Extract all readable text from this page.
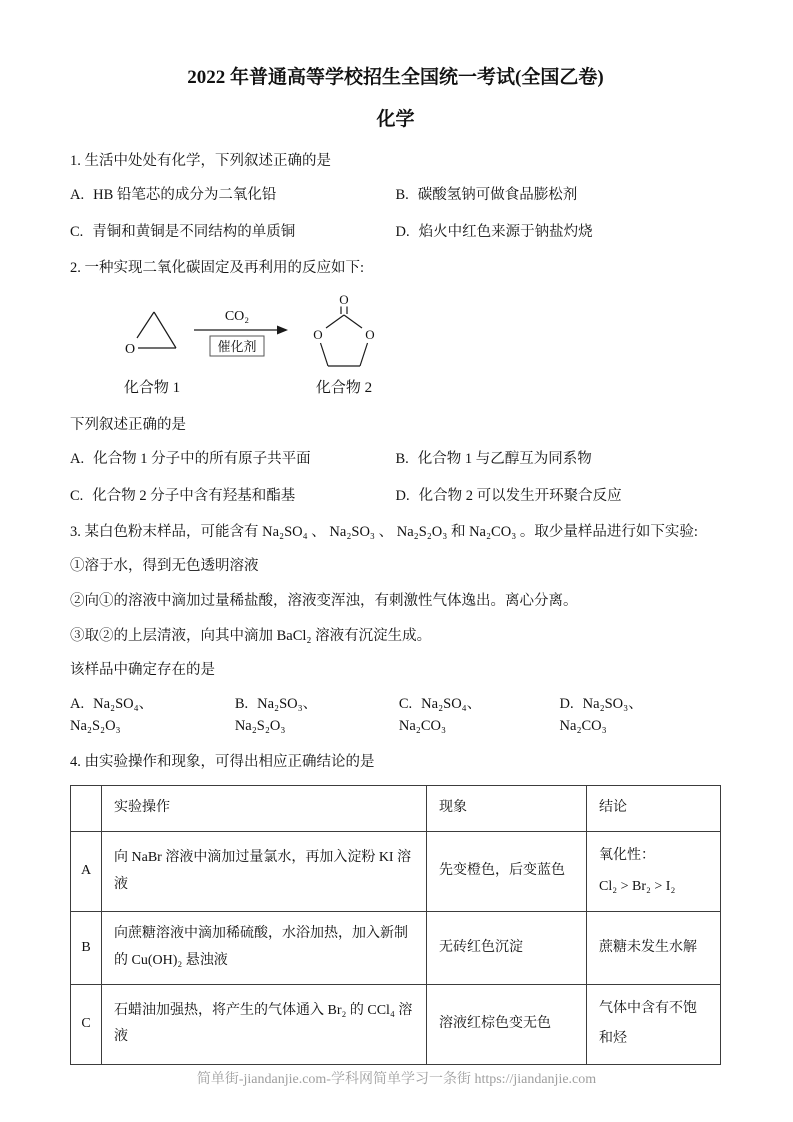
2022 年普通高等学校招生全国统一考试(全国乙卷)
化学

1. 生活中处处有化学，下列叙述正确的是

A. HB 铅笔芯的成分为二氧化铅	B. 碳酸氢钠可做食品膨松剂
C. 青铜和黄铜是不同结构的单质铜	D. 焰火中红色来源于钠盐灼烧

2. 一种实现二氧化碳固定及再利用的反应如下:

O
CO₂
催化剂
O
O
O
化合物 1	化合物 2

下列叙述正确的是

A. 化合物 1 分子中的所有原子共平面	B. 化合物 1 与乙醇互为同系物
C. 化合物 2 分子中含有羟基和酯基	D. 化合物 2 可以发生开环聚合反应

3. 某白色粉末样品，可能含有 Na₂SO₄ 、 Na₂SO₃ 、 Na₂S₂O₃ 和 Na₂CO₃ 。取少量样品进行如下实验:

①溶于水，得到无色透明溶液

②向①的溶液中滴加过量稀盐酸，溶液变浑浊，有刺激性气体逸出。离心分离。

③取②的上层清液，向其中滴加 BaCl₂ 溶液有沉淀生成。

该样品中确定存在的是

A. Na₂SO₄、Na₂S₂O₃
B. Na₂SO₃、Na₂S₂O₃
C. Na₂SO₄、Na₂CO₃
D. Na₂SO₃、Na₂CO₃

4. 由实验操作和现象，可得出相应正确结论的是

	实验操作	现象	结论
A	向 NaBr 溶液中滴加过量氯水，再加入淀粉 KI 溶液	先变橙色，后变蓝色	氧化性：
Cl₂ > Br₂ > I₂
B	向蔗糖溶液中滴加稀硫酸，水浴加热，加入新制的 Cu(OH)₂ 悬浊液	无砖红色沉淀	蔗糖未发生水解
C	石蜡油加强热，将产生的气体通入 Br₂ 的 CCl₄ 溶液	溶液红棕色变无色	气体中含有不饱和烃
简单街-jiandanjie.com-学科网简单学习一条街 https://jiandanjie.com
